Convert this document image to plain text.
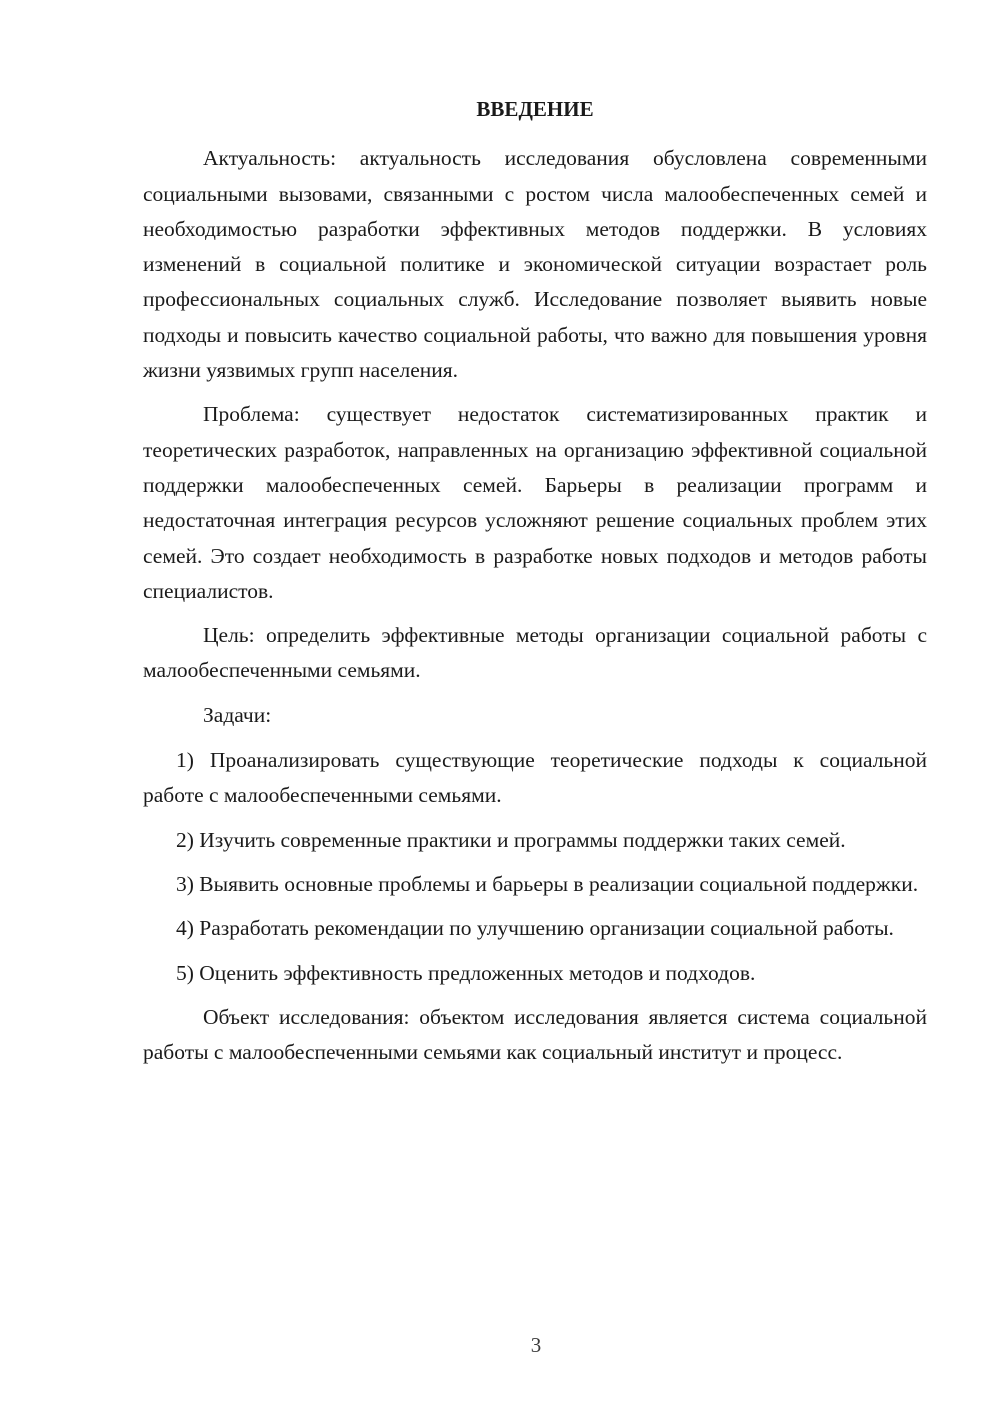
ВВЕДЕНИЕ

Актуальность: актуальность исследования обусловлена современными социальными вызовами, связанными с ростом числа малообеспеченных семей и необходимостью разработки эффективных методов поддержки. В условиях изменений в социальной политике и экономической ситуации возрастает роль профессиональных социальных служб. Исследование позволяет выявить новые подходы и повысить качество социальной работы, что важно для повышения уровня жизни уязвимых групп населения.

Проблема: существует недостаток систематизированных практик и теоретических разработок, направленных на организацию эффективной социальной поддержки малообеспеченных семей. Барьеры в реализации программ и недостаточная интеграция ресурсов усложняют решение социальных проблем этих семей. Это создает необходимость в разработке новых подходов и методов работы специалистов.

Цель: определить эффективные методы организации социальной работы с малообеспеченными семьями.

Задачи:

1) Проанализировать существующие теоретические подходы к социальной работе с малообеспеченными семьями.

2) Изучить современные практики и программы поддержки таких семей.

3) Выявить основные проблемы и барьеры в реализации социальной поддержки.

4) Разработать рекомендации по улучшению организации социальной работы.

5) Оценить эффективность предложенных методов и подходов.

Объект исследования: объектом исследования является система социальной работы с малообеспеченными семьями как социальный институт и процесс.

3
